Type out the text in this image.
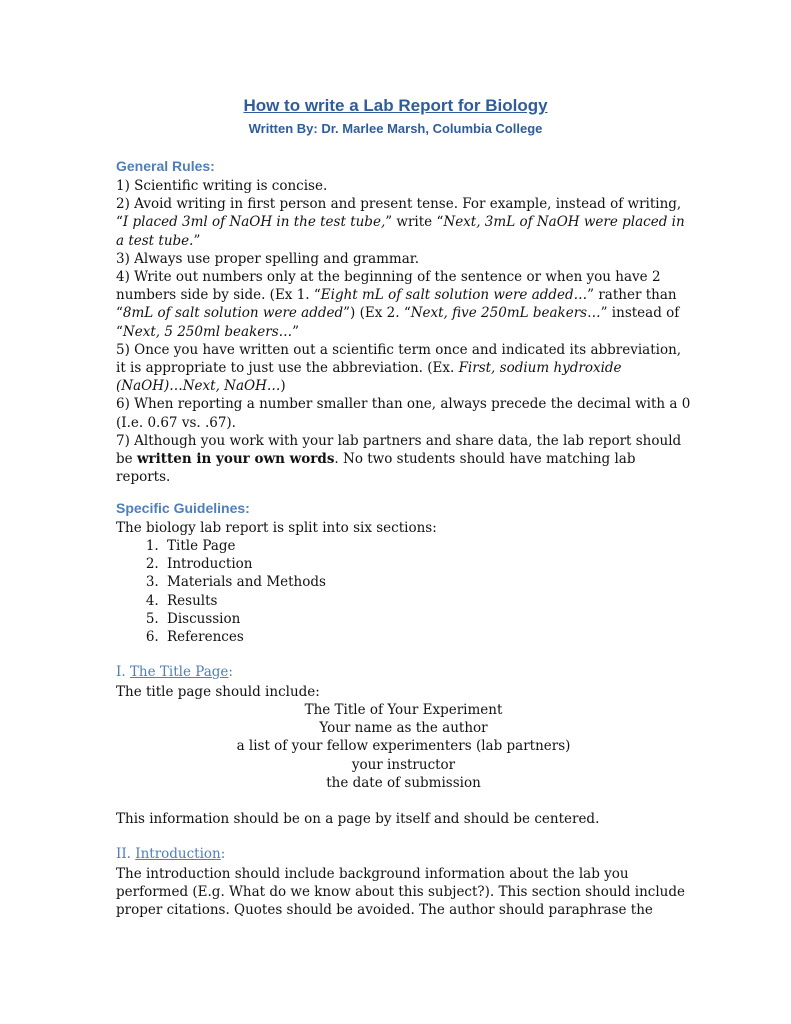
How to write a Lab Report for Biology
Written By: Dr. Marlee Marsh, Columbia College
General Rules:

1) Scientific writing is concise.

2) Avoid writing in first person and present tense. For example, instead of writing, “I placed 3ml of NaOH in the test tube,” write “Next, 3mL of NaOH were placed in a test tube.”

3) Always use proper spelling and grammar.

4) Write out numbers only at the beginning of the sentence or when you have 2 numbers side by side. (Ex 1. “Eight mL of salt solution were added…” rather than “8mL of salt solution were added”) (Ex 2. “Next, five 250mL beakers…” instead of “Next, 5 250ml beakers…”

5) Once you have written out a scientific term once and indicated its abbreviation, it is appropriate to just use the abbreviation. (Ex. First, sodium hydroxide (NaOH)…Next, NaOH…)

6) When reporting a number smaller than one, always precede the decimal with a 0 (I.e. 0.67 vs. .67).

7) Although you work with your lab partners and share data, the lab report should be written in your own words. No two students should have matching lab reports.

Specific Guidelines:
The biology lab report is split into six sections:
1. Title Page
2. Introduction
3. Materials and Methods
4. Results
5. Discussion
6. References
I. The Title Page:
The title page should include:
The Title of Your Experiment
Your name as the author
a list of your fellow experimenters (lab partners)
your instructor
the date of submission
This information should be on a page by itself and should be centered.
II. Introduction:
The introduction should include background information about the lab you performed (E.g. What do we know about this subject?). This section should include proper citations. Quotes should be avoided. The author should paraphrase the
